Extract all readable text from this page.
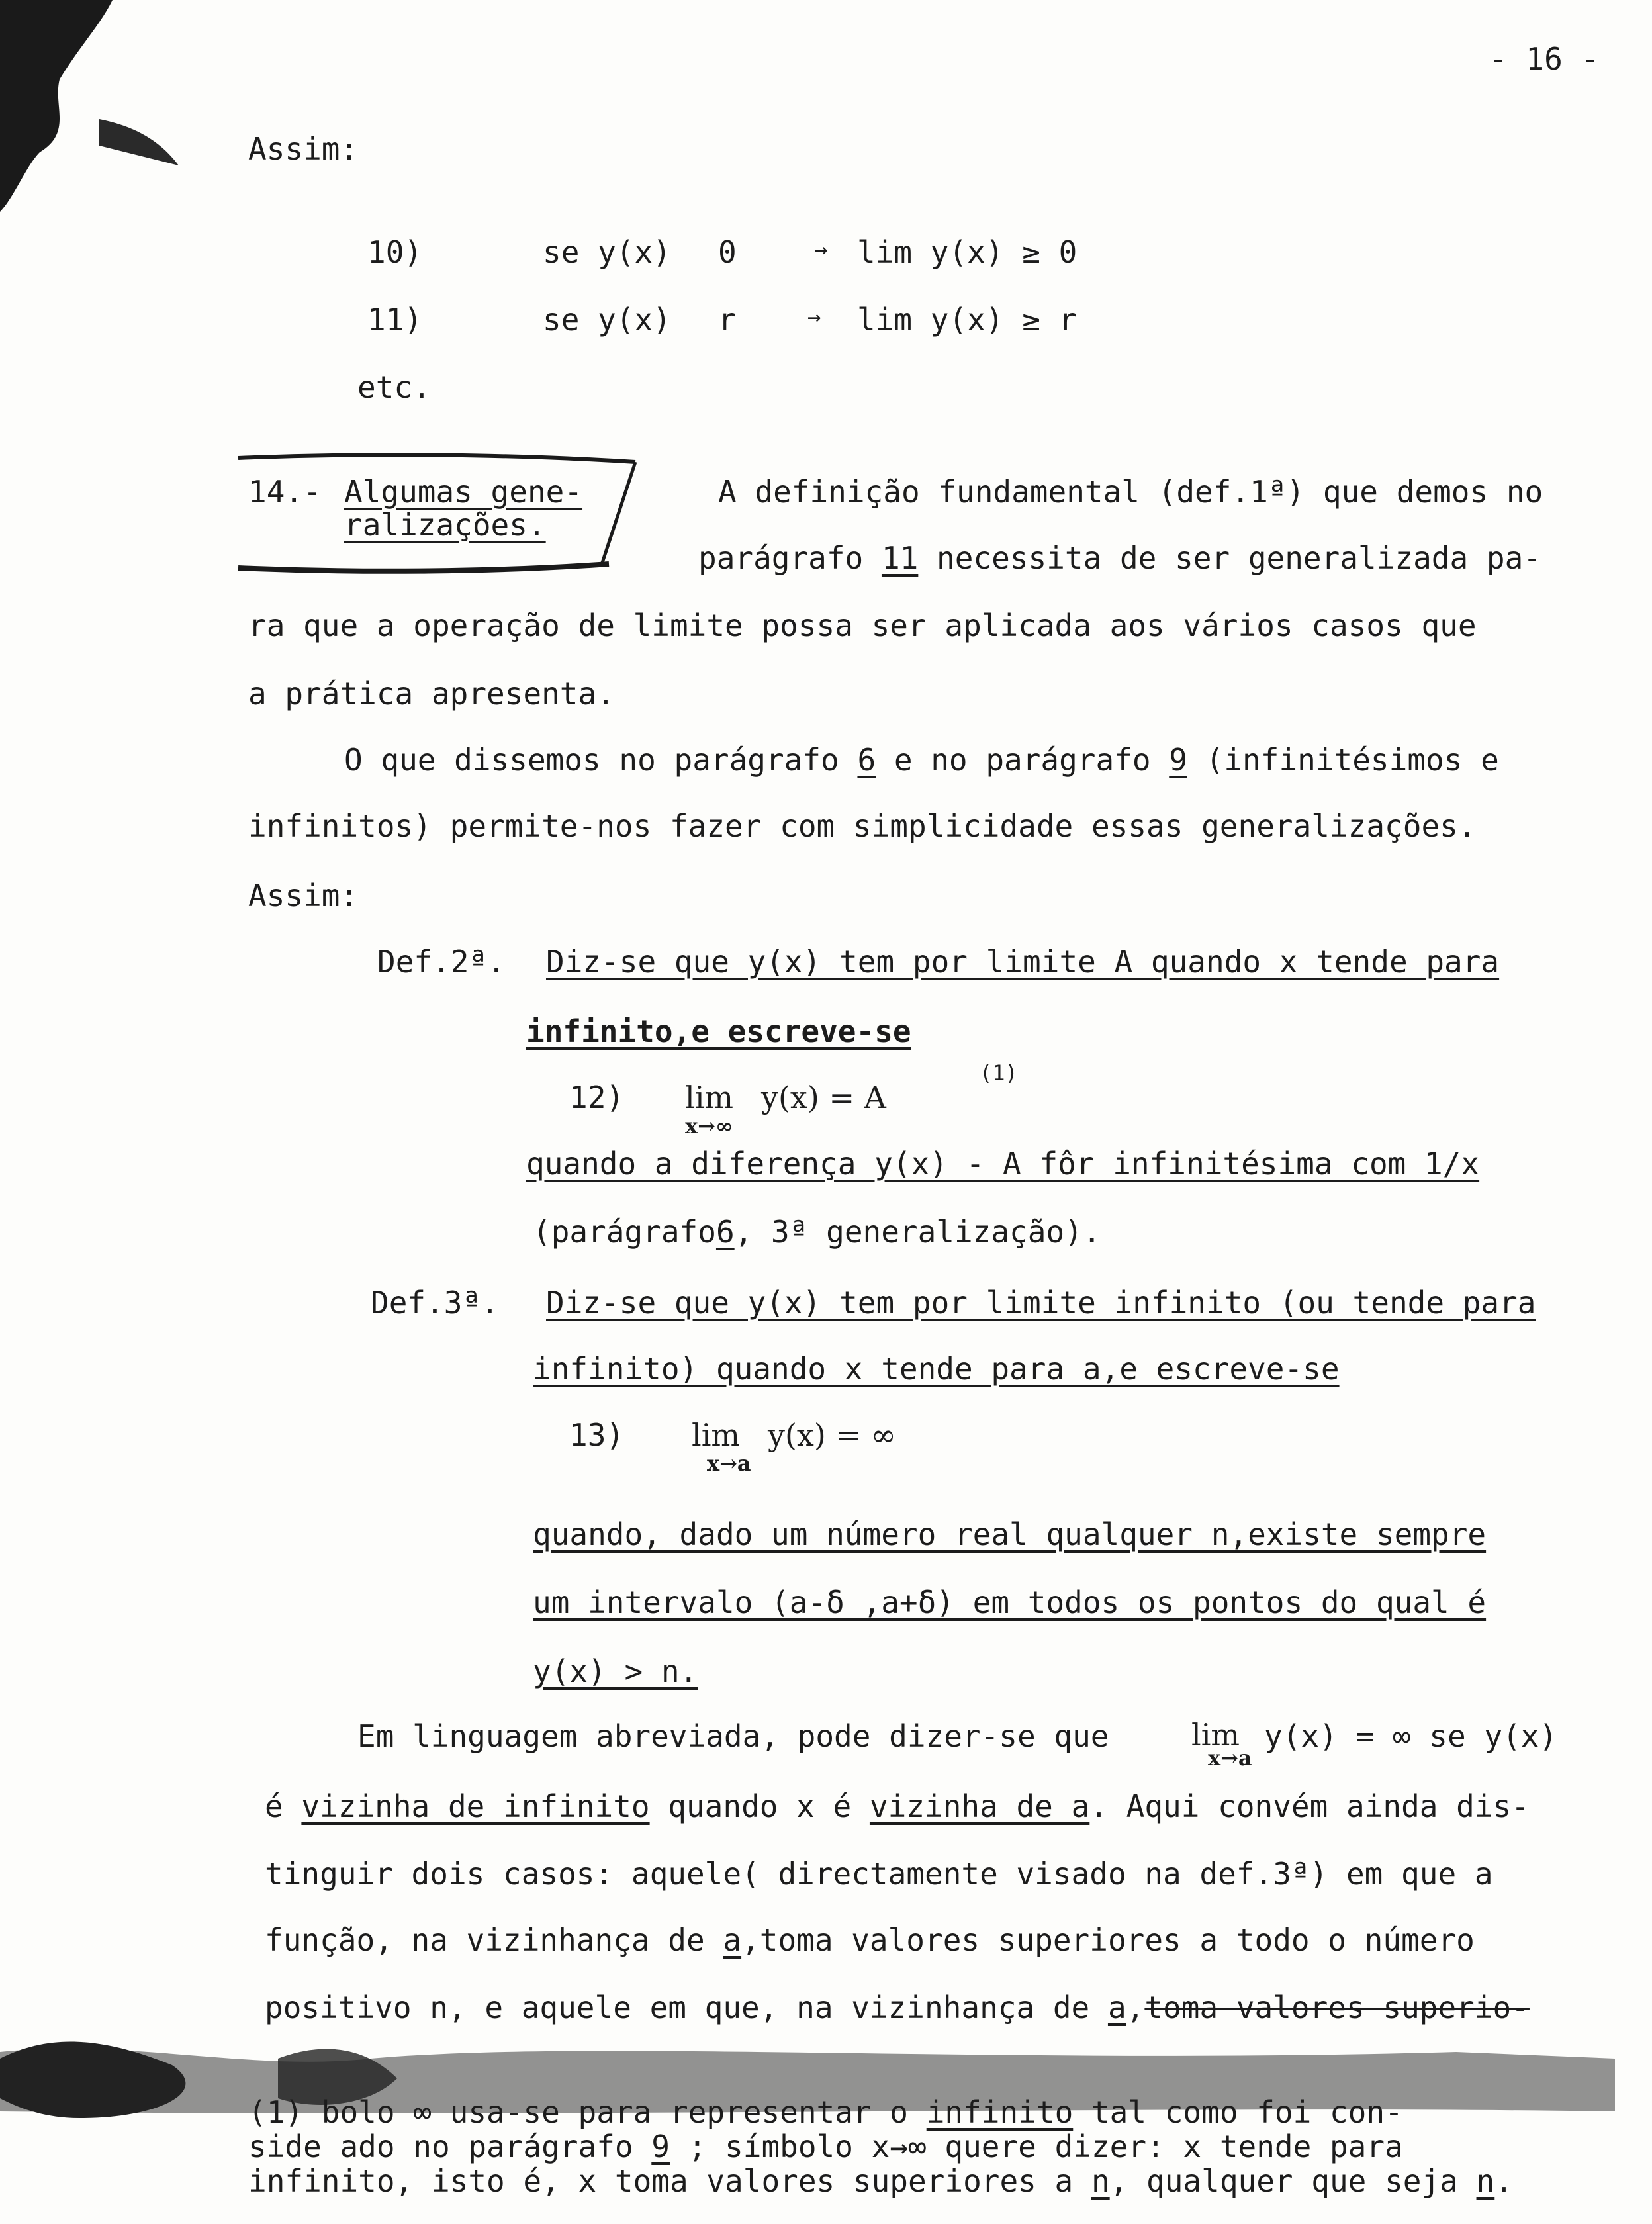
- 16 -
Assim:
10)	se y(x) 0	→ lim y(x) ≥ 0
11)	se y(x) r	→ lim y(x) ≥ r
etc.
14.- Algumas gene-
ralizações.
A definição fundamental (def.1ª) que demos no
parágrafo 11 necessita de ser generalizada pa-
ra que a operação de limite possa ser aplicada aos vários casos que
a prática apresenta.
O que dissemos no parágrafo 6 e no parágrafo 9 (infinitésimos e
infinitos) permite-nos fazer com simplicidade essas generalizações.
Assim:
Def.2ª. Diz-se que y(x) tem por limite A quando x tende para
infinito,e escreve-se
12) lim
x→∞
y(x) = A
(1)
quando a diferença y(x) - A fôr infinitésima com 1/x
(parágrafo6, 3ª generalização).
Def.3ª. Diz-se que y(x) tem por limite infinito (ou tende para
infinito) quando x tende para a,e escreve-se
13) lim
x→a
y(x) = ∞
quando, dado um número real qualquer n,existe sempre
um intervalo (a-δ ,a+δ) em todos os pontos do qual é
y(x) > n.
Em linguagem abreviada, pode dizer-se que	lim
x→a
y(x) = ∞ se y(x)
é vizinha de infinito quando x é vizinha de a. Aqui convém ainda dis-
tinguir dois casos: aquele( directamente visado na def.3ª) em que a
função, na vizinhança de a,toma valores superiores a todo o número
positivo n, e aquele em que, na vizinhança de a,toma valores superio-
(1) bolo ∞ usa-se para representar o infinito tal como foi con-
side ado no parágrafo 9 ; símbolo x→∞ quere dizer: x tende para
infinito, isto é, x toma valores superiores a n, qualquer que seja n.
